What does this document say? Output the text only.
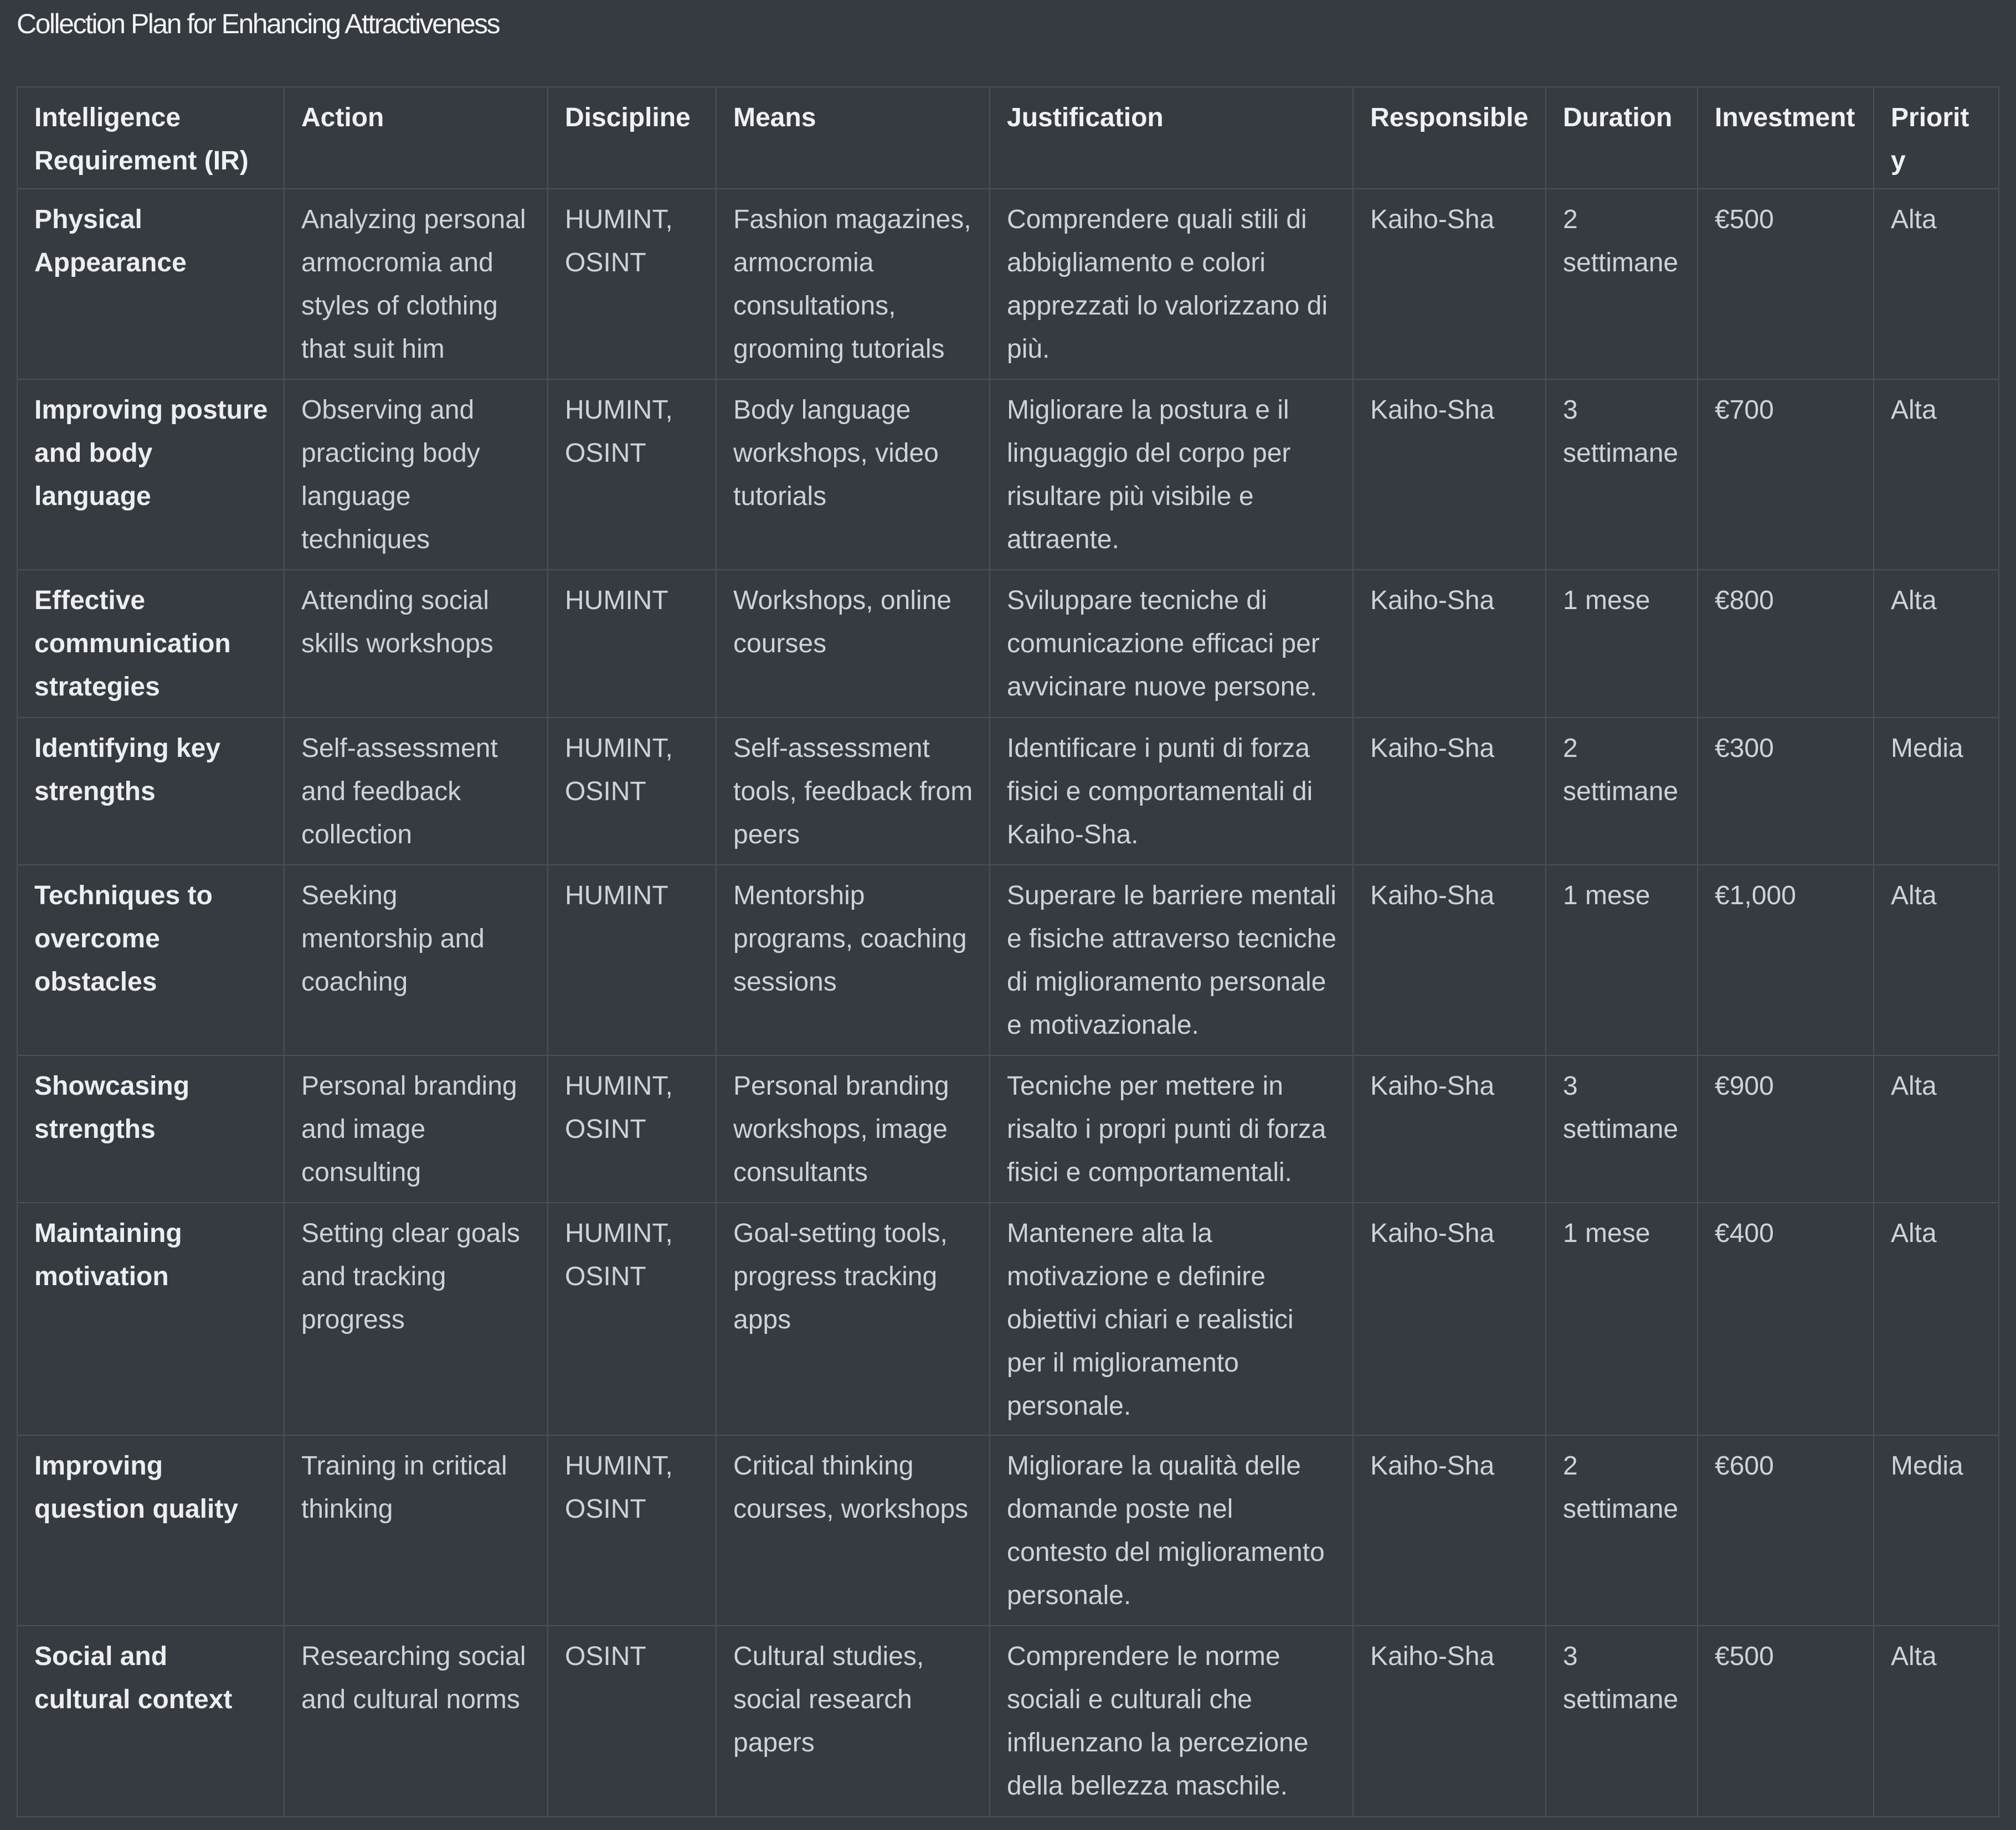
Collection Plan for Enhancing Attractiveness
Intelligence Requirement (IR)	Action	Discipline	Means	Justification	Responsible	Duration	Investment	Priority
Physical Appearance	Analyzing personal armocromia and styles of clothing that suit him	HUMINT, OSINT	Fashion magazines, armocromia consultations, grooming tutorials	Comprendere quali stili di abbigliamento e colori apprezzati lo valorizzano di più.	Kaiho-Sha	2 settimane	€500	Alta
Improving posture and body language	Observing and practicing body language techniques	HUMINT, OSINT	Body language workshops, video tutorials	Migliorare la postura e il linguaggio del corpo per risultare più visibile e attraente.	Kaiho-Sha	3 settimane	€700	Alta
Effective communication strategies	Attending social skills workshops	HUMINT	Workshops, online courses	Sviluppare tecniche di comunicazione efficaci per avvicinare nuove persone.	Kaiho-Sha	1 mese	€800	Alta
Identifying key strengths	Self-assessment and feedback collection	HUMINT, OSINT	Self-assessment tools, feedback from peers	Identificare i punti di forza fisici e comportamentali di Kaiho-Sha.	Kaiho-Sha	2 settimane	€300	Media
Techniques to overcome obstacles	Seeking mentorship and coaching	HUMINT	Mentorship programs, coaching sessions	Superare le barriere mentali e fisiche attraverso tecniche di miglioramento personale e motivazionale.	Kaiho-Sha	1 mese	€1,000	Alta
Showcasing strengths	Personal branding and image consulting	HUMINT, OSINT	Personal branding workshops, image consultants	Tecniche per mettere in risalto i propri punti di forza fisici e comportamentali.	Kaiho-Sha	3 settimane	€900	Alta
Maintaining motivation	Setting clear goals and tracking progress	HUMINT, OSINT	Goal-setting tools, progress tracking apps	Mantenere alta la motivazione e definire obiettivi chiari e realistici per il miglioramento personale.	Kaiho-Sha	1 mese	€400	Alta
Improving question quality	Training in critical thinking	HUMINT, OSINT	Critical thinking courses, workshops	Migliorare la qualità delle domande poste nel contesto del miglioramento personale.	Kaiho-Sha	2 settimane	€600	Media
Social and cultural context	Researching social and cultural norms	OSINT	Cultural studies, social research papers	Comprendere le norme sociali e culturali che influenzano la percezione della bellezza maschile.	Kaiho-Sha	3 settimane	€500	Alta
